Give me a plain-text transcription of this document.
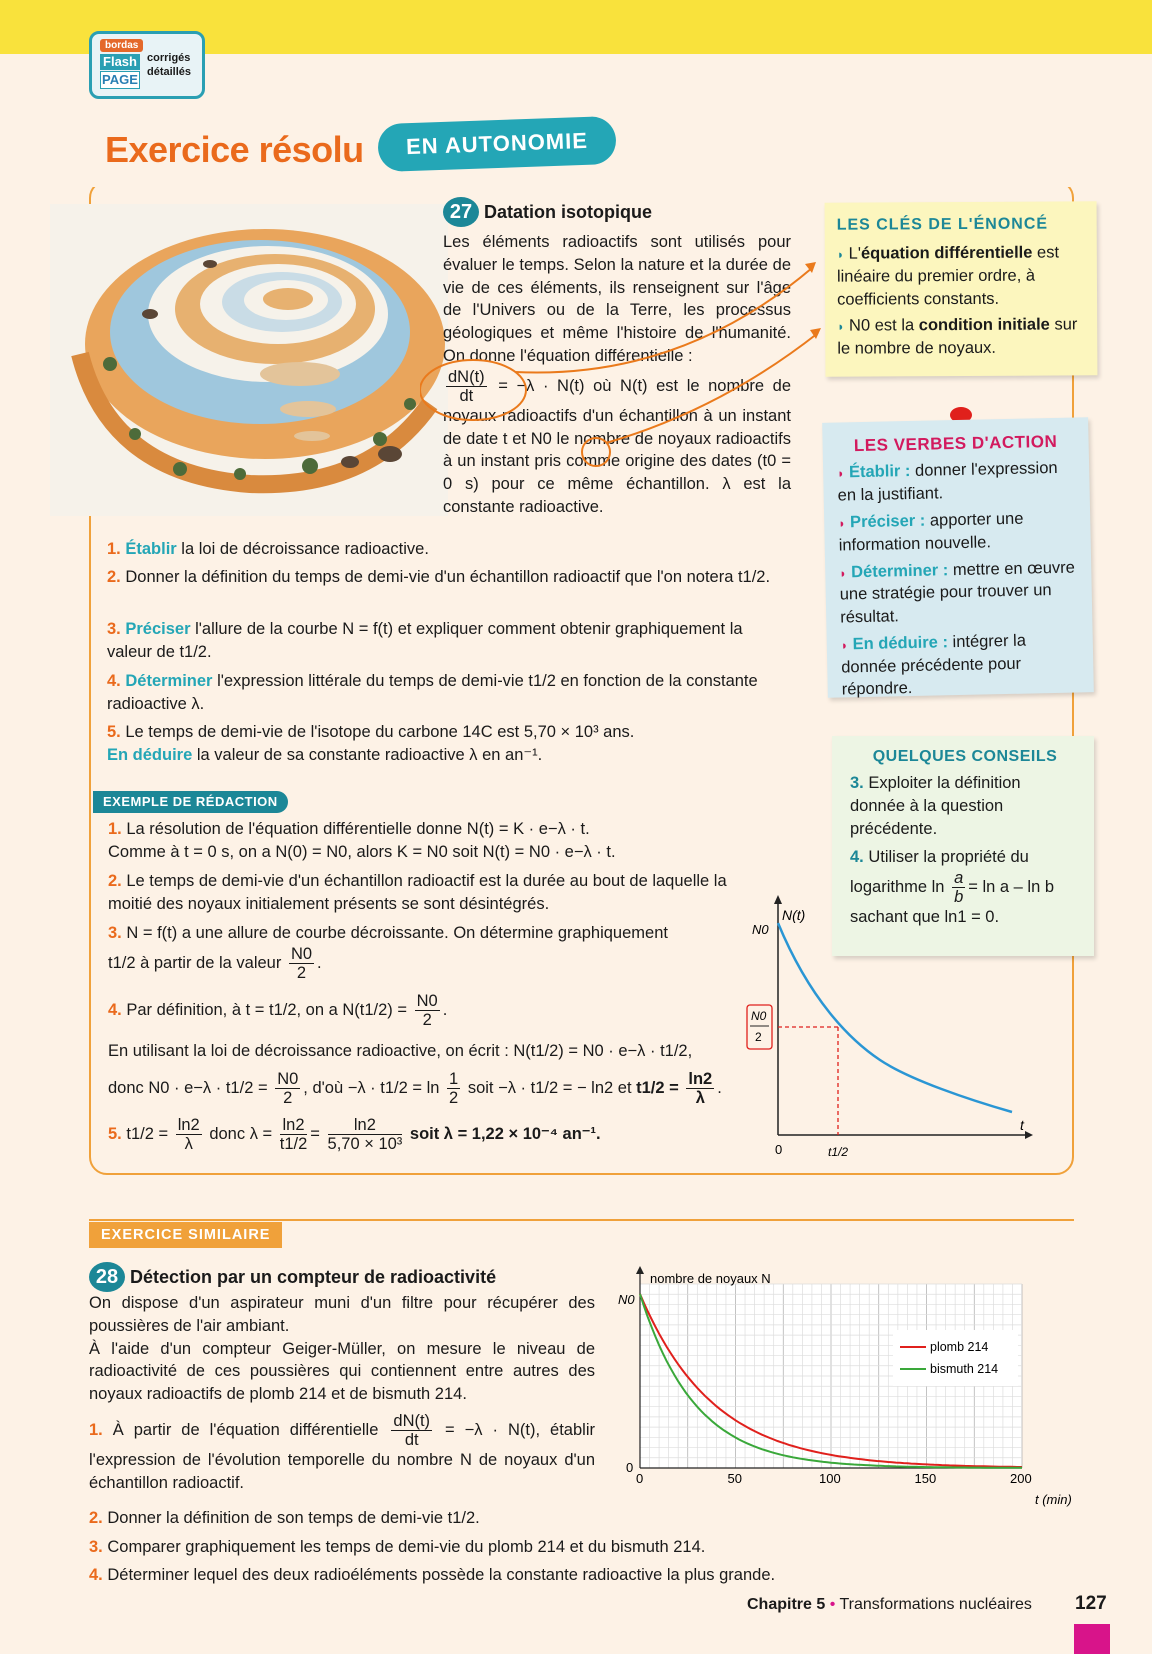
bordas
Flash
PAGE
corrigés
détaillés
Exercice résolu	EN AUTONOMIE
27 Datation isotopique
Les éléments radioactifs sont utilisés pour évaluer le temps. Selon la nature et la durée de vie de ces éléments, ils renseignent sur l'âge de l'Univers ou de la Terre, les processus géologiques et même l'histoire de l'humanité. On donne l'équation différentielle :

$\frac{dN(t)}{dt} = -\lambda \cdot N(t)$ où N(t) est le nombre de noyaux radioactifs d'un échantillon à un instant de date t et N0 le nombre de noyaux radioactifs à un instant pris comme origine des dates (t0 = 0 s) pour ce même échantillon. λ est la constante radioactive.
1. Établir la loi de décroissance radioactive.
2. Donner la définition du temps de demi-vie d'un échantillon radioactif que l'on notera t1/2.
3. Préciser l'allure de la courbe N = f(t) et expliquer comment obtenir graphiquement la valeur de t1/2.
4. Déterminer l'expression littérale du temps de demi-vie t1/2 en fonction de la constante radioactive λ.
5. Le temps de demi-vie de l'isotope du carbone 14C est 5,70 × 10³ ans.
En déduire la valeur de sa constante radioactive λ en an⁻¹.
EXEMPLE DE RÉDACTION
1. La résolution de l'équation différentielle donne N(t) = K · e−λ · t.
Comme à t = 0 s, on a N(0) = N0, alors K = N0 soit N(t) = N0 · e−λ · t.
2. Le temps de demi-vie d'un échantillon radioactif est la durée au bout de laquelle la moitié des noyaux initialement présents se sont désintégrés.
3. N = f(t) a une allure de courbe décroissante. On détermine graphiquement
t1/2 à partir de la valeur $\frac{N0}{2}$ .
4. Par définition, à t = t1/2, on a $N(t1/2) = \frac{N0}{2}$ .
En utilisant la loi de décroissance radioactive, on écrit : N(t1/2) = N0 · e−λ · t1/2,
donc $N0 \cdot e-\lambda \cdot t1/2 = \frac{N0}{2}$ , d'où $-\lambda \cdot t1/2 = \ln \frac{1}{2}$ soit −λ · t1/2 = − ln2 et $t1/2 = \frac{\ln 2}{\lambda}$ .
5. $t1/2 = \frac{\ln 2}{\lambda}$ donc $\lambda = \frac{\ln 2}{t1/2} = \frac{\ln 2}{\text{5,70 × 10³}}$ soit λ = 1,22 × 10⁻⁴ an⁻¹.
N(t)
N0
N0
2
0	t1/2
t
LES CLÉS DE L'ÉNONCÉ
◗ L'équation différentielle est linéaire du premier ordre, à coefficients constants.
◗ N0 est la condition initiale sur le nombre de noyaux.
LES VERBES D'ACTION
◗ Établir : donner l'expression en la justifiant.
◗ Préciser : apporter une information nouvelle.
◗ Déterminer : mettre en œuvre une stratégie pour trouver un résultat.
◗ En déduire : intégrer la donnée précédente pour répondre.
QUELQUES CONSEILS
3. Exploiter la définition donnée à la question précédente.
4. Utiliser la propriété du logarithme $\ln \frac{a}{b} = \ln a - \ln b$
sachant que ln1 = 0.
EXERCICE SIMILAIRE
28 Détection par un compteur de radioactivité
On dispose d'un aspirateur muni d'un filtre pour récupérer des poussières de l'air ambiant.
À l'aide d'un compteur Geiger-Müller, on mesure le niveau de radioactivité de ces poussières qui contiennent entre autres des noyaux radioactifs de plomb 214 et de bismuth 214.
1. À partir de l'équation différentielle $\frac{dN(t)}{dt} = -\lambda \cdot N(t)$, établir l'expression de l'évolution temporelle du nombre N de noyaux d'un échantillon radioactif.
2. Donner la définition de son temps de demi-vie t1/2.
3. Comparer graphiquement les temps de demi-vie du plomb 214 et du bismuth 214.
4. Déterminer lequel des deux radioéléments possède la constante radioactive la plus grande.
nombre de noyaux N
N0
0
0	50	100	150	200
t (min)
plomb 214
bismuth 214
Chapitre 5 • Transformations nucléaires 127
